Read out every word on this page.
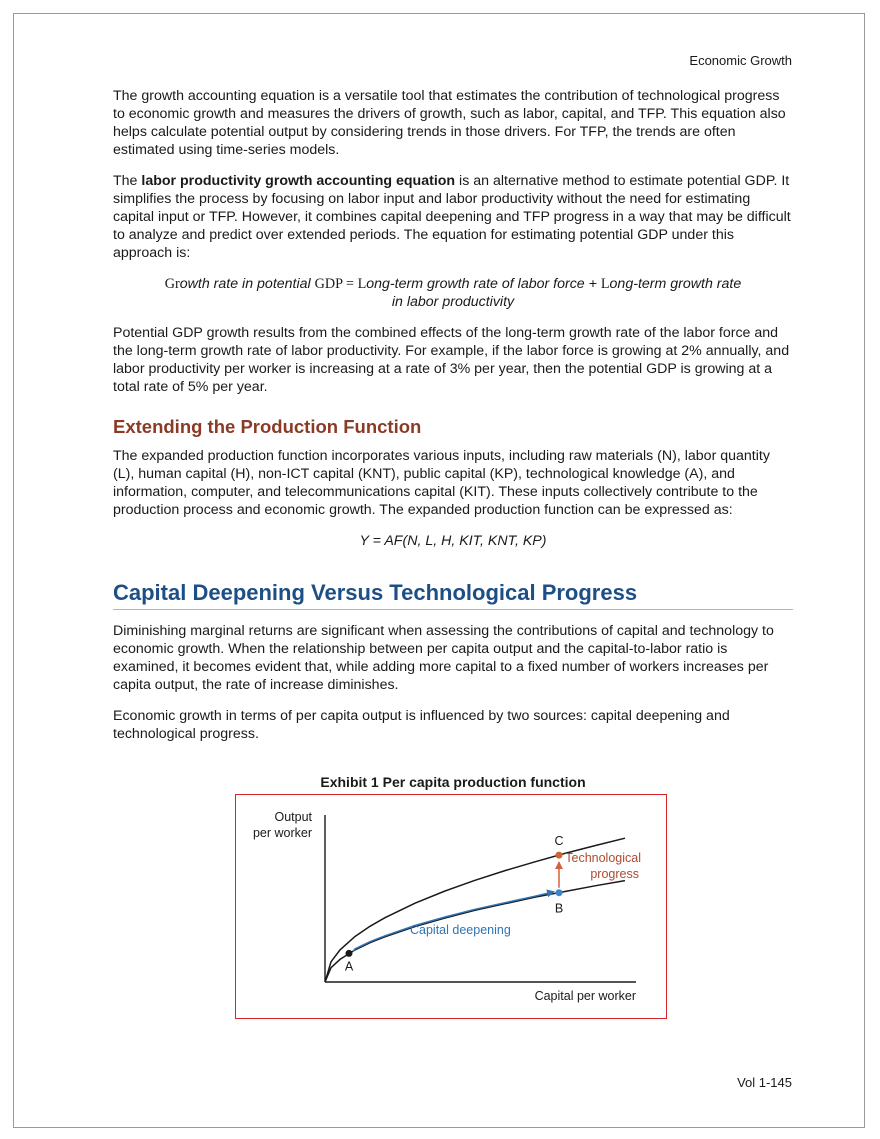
Economic Growth

The growth accounting equation is a versatile tool that estimates the contribution of technological progress to economic growth and measures the drivers of growth, such as labor, capital, and TFP. This equation also helps calculate potential output by considering trends in those drivers. For TFP, the trends are often estimated using time-series models.

The labor productivity growth accounting equation is an alternative method to estimate potential GDP. It simplifies the process by focusing on labor input and labor productivity without the need for estimating capital input or TFP. However, it combines capital deepening and TFP progress in a way that may be difficult to analyze and predict over extended periods. The equation for estimating potential GDP under this approach is:

Growth rate in potential GDP = Long-term growth rate of labor force + Long-term growth rate
in labor productivity

Potential GDP growth results from the combined effects of the long-term growth rate of the labor force and the long-term growth rate of labor productivity. For example, if the labor force is growing at 2% annually, and labor productivity per worker is increasing at a rate of 3% per year, then the potential GDP is growing at a total rate of 5% per year.

Extending the Production Function

The expanded production function incorporates various inputs, including raw materials (N), labor quantity (L), human capital (H), non-ICT capital (KNT), public capital (KP), technological knowledge (A), and information, computer, and telecommunications capital (KIT). These inputs collectively contribute to the production process and economic growth. The expanded production function can be expressed as:

Y = AF(N, L, H, KIT, KNT, KP)
Capital Deepening Versus Technological Progress

Diminishing marginal returns are significant when assessing the contributions of capital and technology to economic growth. When the relationship between per capita output and the capital-to-labor ratio is examined, it becomes evident that, while adding more capital to a fixed number of workers increases per capita output, the rate of increase diminishes.

Economic growth in terms of per capita output is influenced by two sources: capital deepening and technological progress.

Exhibit 1 Per capita production function
Output
per worker
Capital per worker
A
B
C
Capital deepening
Technological
progress
Vol 1-145
